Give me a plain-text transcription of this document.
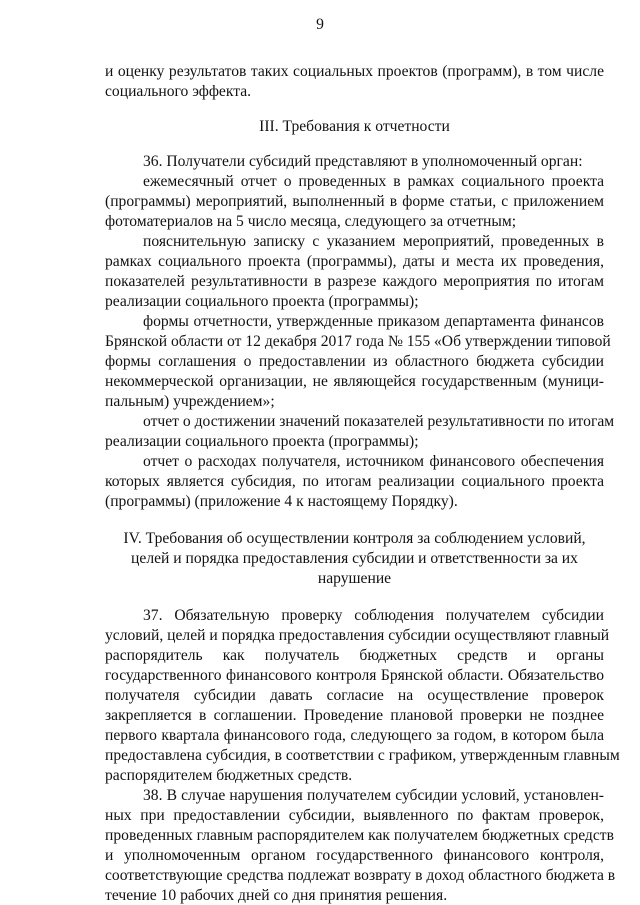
9
и оценку результатов таких социальных проектов (программ), в том числе
социального эффекта.
III. Требования к отчетности
36. Получатели субсидий представляют в уполномоченный орган:
ежемесячный отчет о проведенных в рамках социального проекта
(программы) мероприятий, выполненный в форме статьи, с приложением
фотоматериалов на 5 число месяца, следующего за отчетным;
пояснительную записку с указанием мероприятий, проведенных в
рамках социального проекта (программы), даты и места их проведения,
показателей результативности в разрезе каждого мероприятия по итогам
реализации социального проекта (программы);
формы отчетности, утвержденные приказом департамента финансов
Брянской области от 12 декабря 2017 года № 155 «Об утверждении типовой
формы соглашения о предоставлении из областного бюджета субсидии
некоммерческой организации, не являющейся государственным (муници-
пальным) учреждением»;
отчет о достижении значений показателей результативности по итогам
реализации социального проекта (программы);
отчет о расходах получателя, источником финансового обеспечения
которых является субсидия, по итогам реализации социального проекта
(программы) (приложение 4 к настоящему Порядку).
IV. Требования об осуществлении контроля за соблюдением условий,
целей и порядка предоставления субсидии и ответственности за их
нарушение
37. Обязательную проверку соблюдения получателем субсидии
условий, целей и порядка предоставления субсидии осуществляют главный
распорядитель как получатель бюджетных средств и органы
государственного финансового контроля Брянской области. Обязательство
получателя субсидии давать согласие на осуществление проверок
закрепляется в соглашении. Проведение плановой проверки не позднее
первого квартала финансового года, следующего за годом, в котором была
предоставлена субсидия, в соответствии с графиком, утвержденным главным
распорядителем бюджетных средств.
38. В случае нарушения получателем субсидии условий, установлен-
ных при предоставлении субсидии, выявленного по фактам проверок,
проведенных главным распорядителем как получателем бюджетных средств
и уполномоченным органом государственного финансового контроля,
соответствующие средства подлежат возврату в доход областного бюджета в
течение 10 рабочих дней со дня принятия решения.
